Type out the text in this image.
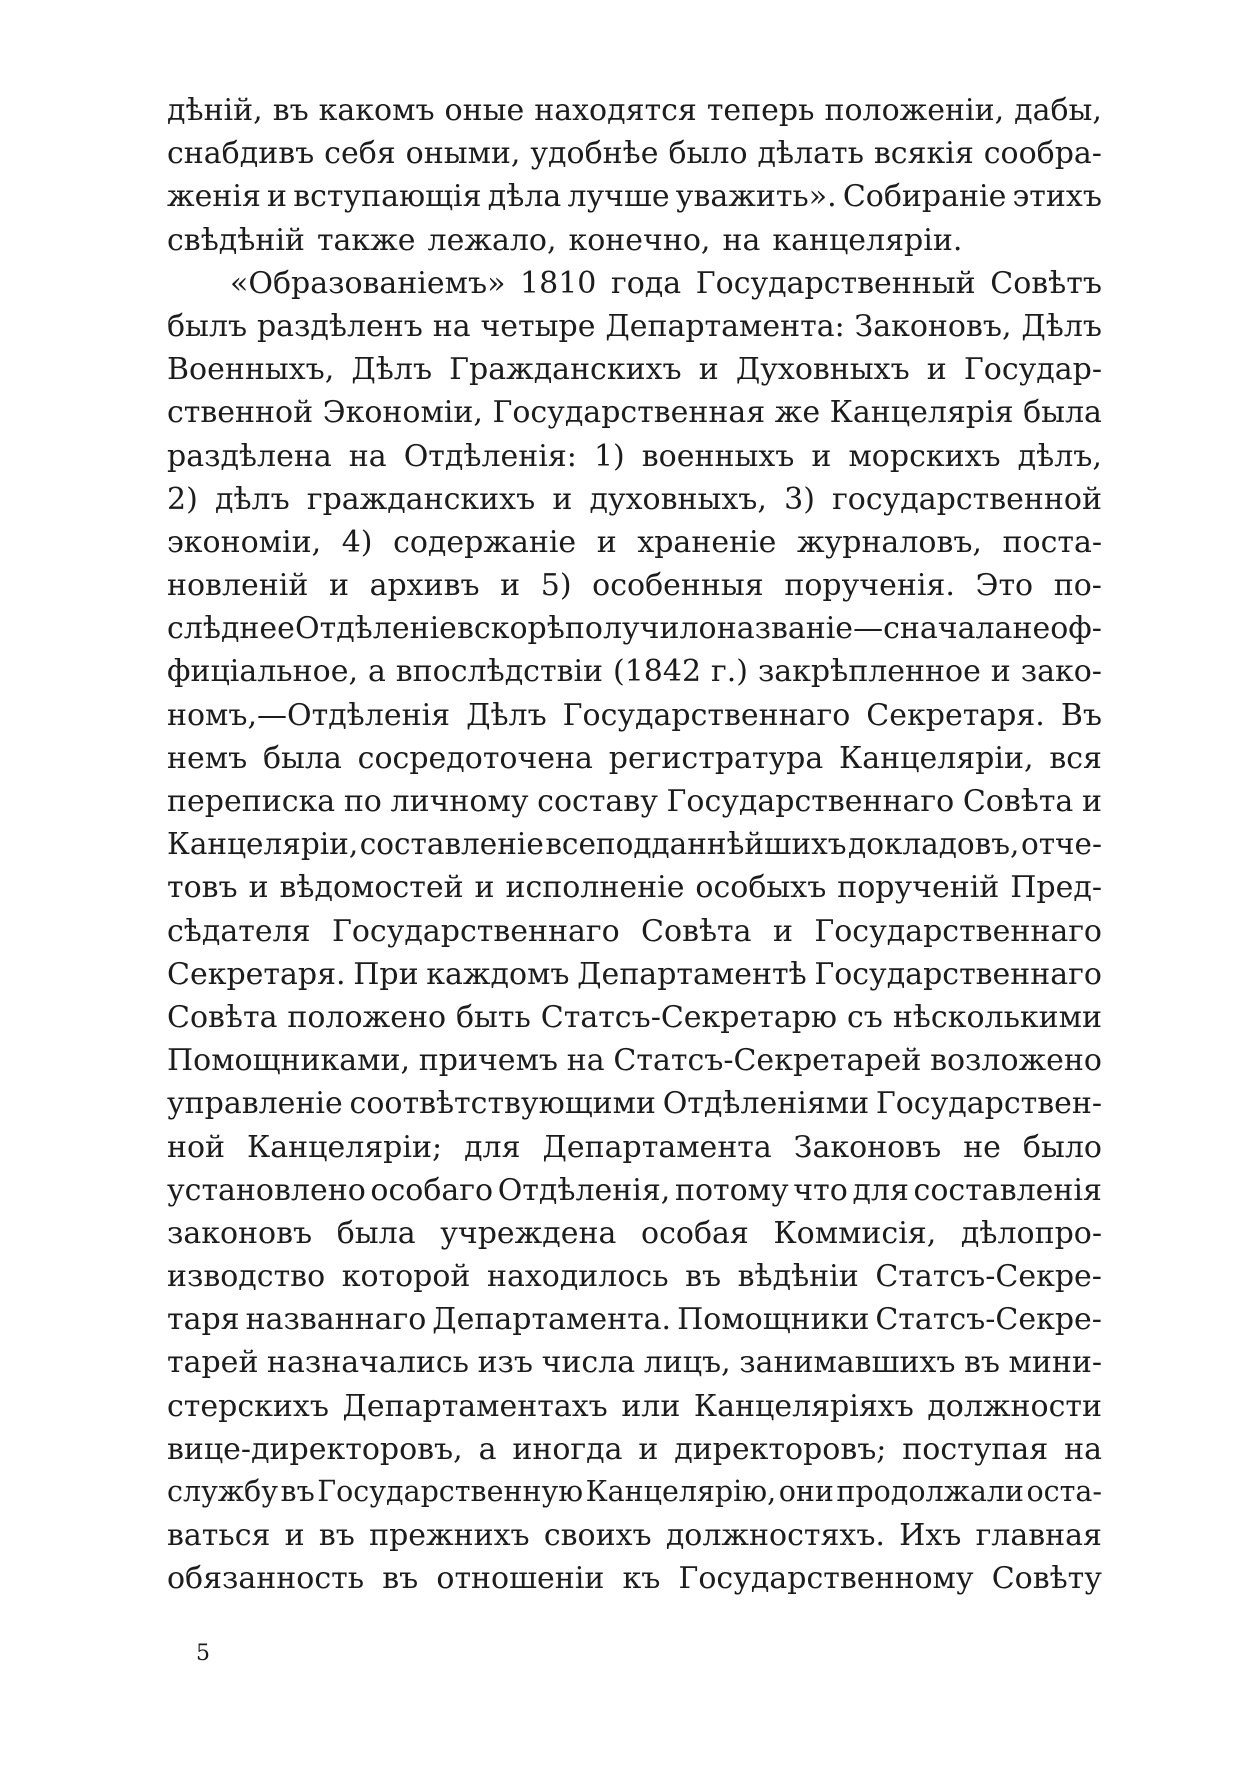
дѣній, въ какомъ оные находятся теперь положеніи, дабы,
снабдивъ себя оными, удобнѣе было дѣлать всякія сообра-
женія и вступающія дѣла лучше уважить». Собираніе этихъ
свѣдѣній также лежало, конечно, на канцеляріи.
«Образованіемъ» 1810 года Государственный Совѣтъ
былъ раздѣленъ на четыре Департамента: Законовъ, Дѣлъ
Военныхъ, Дѣлъ Гражданскихъ и Духовныхъ и Государ-
ственной Экономіи, Государственная же Канцелярія была
раздѣлена на Отдѣленія: 1) военныхъ и морскихъ дѣлъ,
2) дѣлъ гражданскихъ и духовныхъ, 3) государственной
экономіи, 4) содержаніе и храненіе журналовъ, поста-
новленій и архивъ и 5) особенныя порученія. Это по-
слѣднее Отдѣленіе вскорѣ получило названіе—сначала неоф-
фиціальное, а впослѣдствіи (1842 г.) закрѣпленное и зако-
номъ,—Отдѣленія Дѣлъ Государственнаго Секретаря. Въ
немъ была сосредоточена регистратура Канцеляріи, вся
переписка по личному составу Государственнаго Совѣта и
Канцеляріи, составленіе всеподданнѣйшихъ докладовъ, отче-
товъ и вѣдомостей и исполненіе особыхъ порученій Пред-
сѣдателя Государственнаго Совѣта и Государственнаго
Секретаря. При каждомъ Департаментѣ Государственнаго
Совѣта положено быть Статсъ-Секретарю съ нѣсколькими
Помощниками, причемъ на Статсъ-Секретарей возложено
управленіе соотвѣтствующими Отдѣленіями Государствен-
ной Канцеляріи; для Департамента Законовъ не было
установлено особаго Отдѣленія, потому что для составленія
законовъ была учреждена особая Коммисія, дѣлопро-
изводство которой находилось въ вѣдѣніи Статсъ-Секре-
таря названнаго Департамента. Помощники Статсъ-Секре-
тарей назначались изъ числа лицъ, занимавшихъ въ мини-
стерскихъ Департаментахъ или Канцеляріяхъ должности
вице-директоровъ, а иногда и директоровъ; поступая на
службу въ Государственную Канцелярію, они продолжали оста-
ваться и въ прежнихъ своихъ должностяхъ. Ихъ главная
обязанность въ отношеніи къ Государственному Совѣту
5
